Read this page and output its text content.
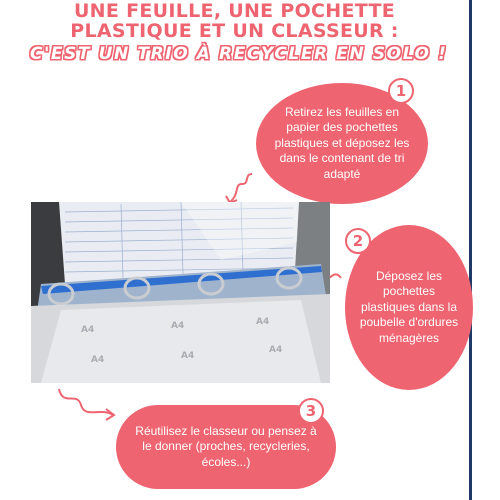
UNE FEUILLE, UNE POCHETTE
PLASTIQUE ET UN CLASSEUR :
C'EST UN TRIO À RECYCLER EN SOLO !
Retirez les feuilles en papier des pochettes plastiques et déposez les dans le contenant de tri adapté
1
Déposez les pochettes plastiques dans la poubelle d'ordures ménagères
2
Réutilisez le classeur ou pensez à le donner (proches, recycleries, écoles...)
3
A4	A4	A4
A4	A4
A4
